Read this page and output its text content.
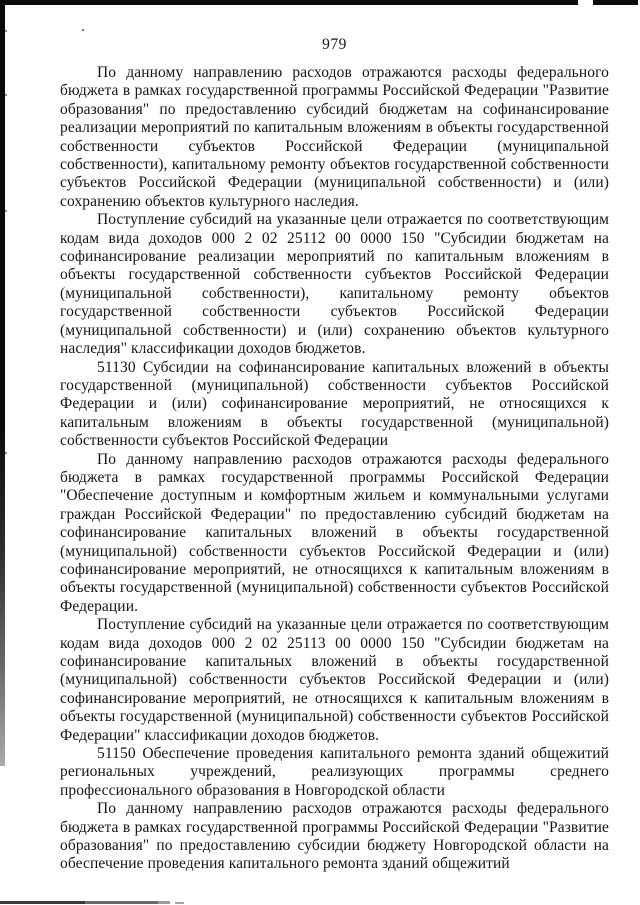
979

По данному направлению расходов отражаются расходы федерального бюджета в рамках государственной программы Российской Федерации "Развитие образования" по предоставлению субсидий бюджетам на софинансирование реализации мероприятий по капитальным вложениям в объекты государственной собственности субъектов Российской Федерации (муниципальной собственности), капитальному ремонту объектов государственной собственности субъектов Российской Федерации (муниципальной собственности) и (или) сохранению объектов культурного наследия.

Поступление субсидий на указанные цели отражается по соответствующим кодам вида доходов 000 2 02 25112 00 0000 150 "Субсидии бюджетам на софинансирование реализации мероприятий по капитальным вложениям в объекты государственной собственности субъектов Российской Федерации (муниципальной собственности), капитальному ремонту объектов государственной собственности субъектов Российской Федерации (муниципальной собственности) и (или) сохранению объектов культурного наследия" классификации доходов бюджетов.

51130 Субсидии на софинансирование капитальных вложений в объекты государственной (муниципальной) собственности субъектов Российской Федерации и (или) софинансирование мероприятий, не относящихся к капитальным вложениям в объекты государственной (муниципальной) собственности субъектов Российской Федерации

По данному направлению расходов отражаются расходы федерального бюджета в рамках государственной программы Российской Федерации "Обеспечение доступным и комфортным жильем и коммунальными услугами граждан Российской Федерации" по предоставлению субсидий бюджетам на софинансирование капитальных вложений в объекты государственной (муниципальной) собственности субъектов Российской Федерации и (или) софинансирование мероприятий, не относящихся к капитальным вложениям в объекты государственной (муниципальной) собственности субъектов Российской Федерации.

Поступление субсидий на указанные цели отражается по соответствующим кодам вида доходов 000 2 02 25113 00 0000 150 "Субсидии бюджетам на софинансирование капитальных вложений в объекты государственной (муниципальной) собственности субъектов Российской Федерации и (или) софинансирование мероприятий, не относящихся к капитальным вложениям в объекты государственной (муниципальной) собственности субъектов Российской Федерации" классификации доходов бюджетов.

51150 Обеспечение проведения капитального ремонта зданий общежитий региональных учреждений, реализующих программы среднего профессионального образования в Новгородской области

По данному направлению расходов отражаются расходы федерального бюджета в рамках государственной программы Российской Федерации "Развитие образования" по предоставлению субсидии бюджету Новгородской области на обеспечение проведения капитального ремонта зданий общежитий
